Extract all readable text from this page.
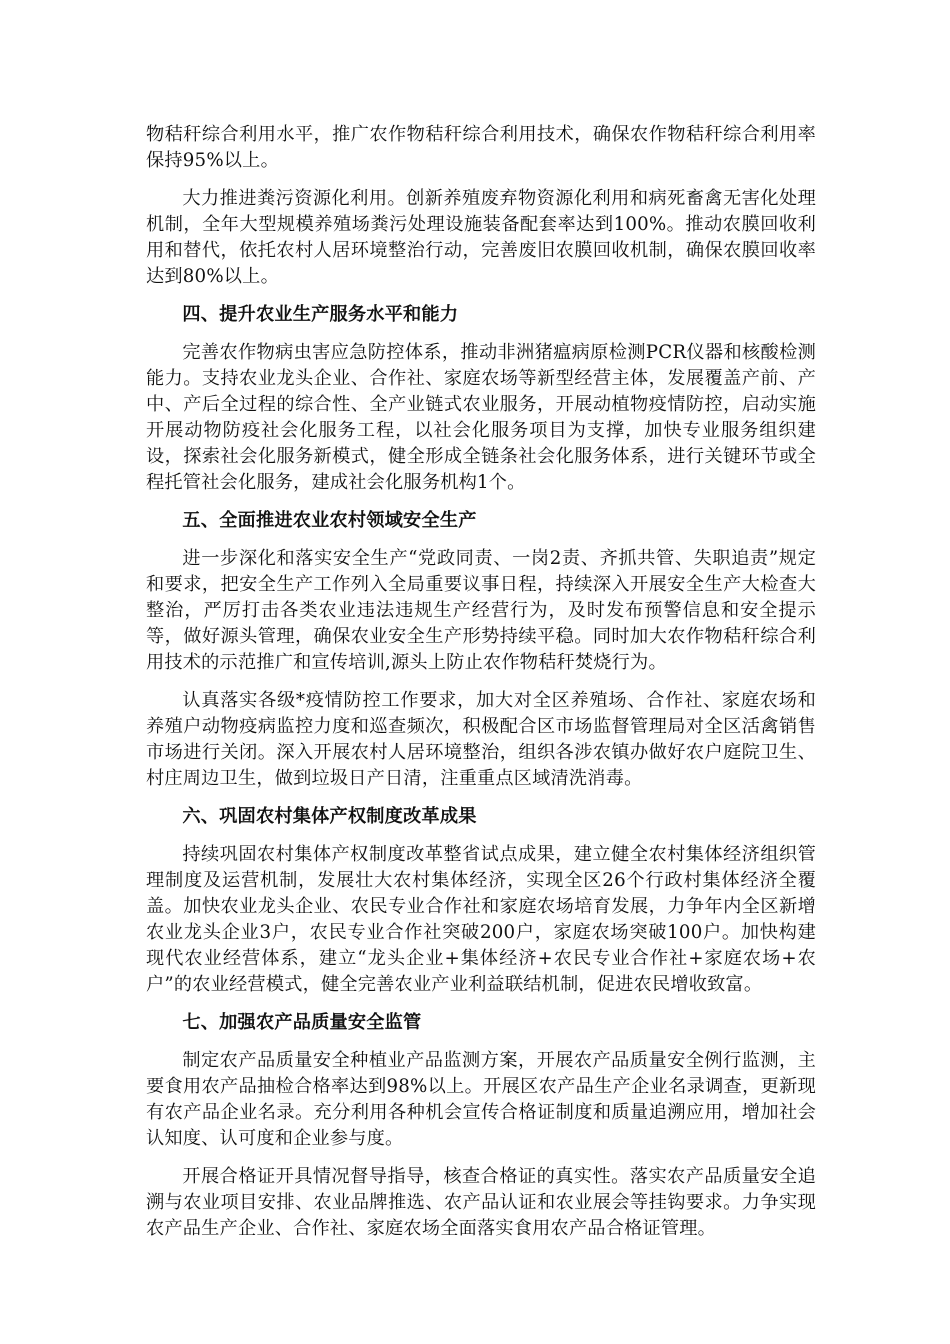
物秸秆综合利用水平，推广农作物秸秆综合利用技术，确保农作物秸秆综合利用率保持95%以上。

大力推进粪污资源化利用。创新养殖废弃物资源化利用和病死畜禽无害化处理机制，全年大型规模养殖场粪污处理设施装备配套率达到100%。推动农膜回收利用和替代，依托农村人居环境整治行动，完善废旧农膜回收机制，确保农膜回收率达到80%以上。

四、提升农业生产服务水平和能力

完善农作物病虫害应急防控体系，推动非洲猪瘟病原检测PCR仪器和核酸检测能力。支持农业龙头企业、合作社、家庭农场等新型经营主体，发展覆盖产前、产中、产后全过程的综合性、全产业链式农业服务，开展动植物疫情防控，启动实施开展动物防疫社会化服务工程，以社会化服务项目为支撑，加快专业服务组织建设，探索社会化服务新模式，健全形成全链条社会化服务体系，进行关键环节或全程托管社会化服务，建成社会化服务机构1个。

五、全面推进农业农村领域安全生产

进一步深化和落实安全生产“党政同责、一岗2责、齐抓共管、失职追责”规定和要求，把安全生产工作列入全局重要议事日程，持续深入开展安全生产大检查大整治，严厉打击各类农业违法违规生产经营行为，及时发布预警信息和安全提示等，做好源头管理，确保农业安全生产形势持续平稳。同时加大农作物秸秆综合利用技术的示范推广和宣传培训,源头上防止农作物秸秆焚烧行为。

认真落实各级*疫情防控工作要求，加大对全区养殖场、合作社、家庭农场和养殖户动物疫病监控力度和巡查频次，积极配合区市场监督管理局对全区活禽销售市场进行关闭。深入开展农村人居环境整治，组织各涉农镇办做好农户庭院卫生、村庄周边卫生，做到垃圾日产日清，注重重点区域清洗消毒。

六、巩固农村集体产权制度改革成果

持续巩固农村集体产权制度改革整省试点成果，建立健全农村集体经济组织管理制度及运营机制，发展壮大农村集体经济，实现全区26个行政村集体经济全覆盖。加快农业龙头企业、农民专业合作社和家庭农场培育发展，力争年内全区新增农业龙头企业3户，农民专业合作社突破200户，家庭农场突破100户。加快构建现代农业经营体系，建立“龙头企业+集体经济+农民专业合作社+家庭农场+农户”的农业经营模式，健全完善农业产业利益联结机制，促进农民增收致富。

七、加强农产品质量安全监管

制定农产品质量安全种植业产品监测方案，开展农产品质量安全例行监测，主要食用农产品抽检合格率达到98%以上。开展区农产品生产企业名录调查，更新现有农产品企业名录。充分利用各种机会宣传合格证制度和质量追溯应用，增加社会认知度、认可度和企业参与度。

开展合格证开具情况督导指导，核查合格证的真实性。落实农产品质量安全追溯与农业项目安排、农业品牌推选、农产品认证和农业展会等挂钩要求。力争实现农产品生产企业、合作社、家庭农场全面落实食用农产品合格证管理。
